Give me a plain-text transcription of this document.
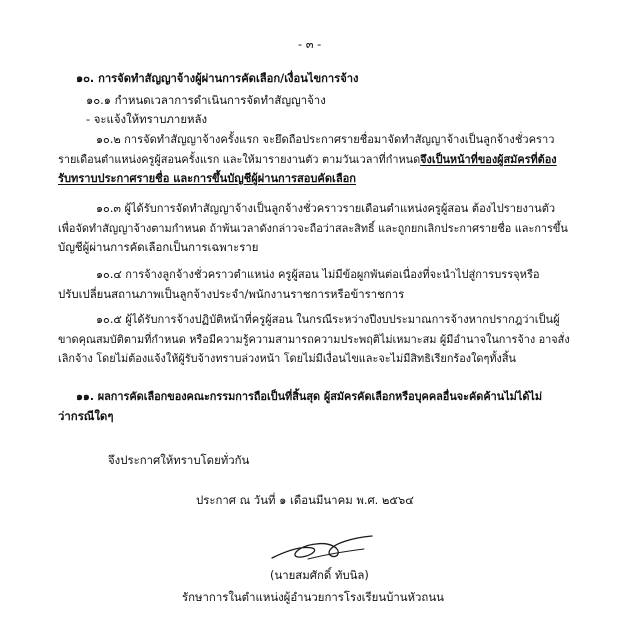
- ๓ -

๑๐. การจัดทำสัญญาจ้างผู้ผ่านการคัดเลือก/เงื่อนไขการจ้าง

๑๐.๑ กำหนดเวลาการดำเนินการจัดทำสัญญาจ้าง

- จะแจ้งให้ทราบภายหลัง

๑๐.๒ การจัดทำสัญญาจ้างครั้งแรก จะยึดถือประกาศรายชื่อมาจัดทำสัญญาจ้างเป็นลูกจ้างชั่วคราว

รายเดือนตำแหน่งครูผู้สอนครั้งแรก และให้มารายงานตัว ตามวันเวลาที่กำหนดจึงเป็นหน้าที่ของผู้สมัครที่ต้อง

รับทราบประกาศรายชื่อ และการขึ้นบัญชีผู้ผ่านการสอบคัดเลือก

๑๐.๓ ผู้ได้รับการจัดทำสัญญาจ้างเป็นลูกจ้างชั่วคราวรายเดือนตำแหน่งครูผู้สอน ต้องไปรายงานตัว

เพื่อจัดทำสัญญาจ้างตามกำหนด ถ้าพ้นเวลาดังกล่าวจะถือว่าสละสิทธิ์ และถูกยกเลิกประกาศรายชื่อ และการขึ้น

บัญชีผู้ผ่านการคัดเลือกเป็นการเฉพาะราย

๑๐.๔ การจ้างลูกจ้างชั่วคราวตำแหน่ง ครูผู้สอน ไม่มีข้อผูกพันต่อเนื่องที่จะนำไปสู่การบรรจุหรือ

ปรับเปลี่ยนสถานภาพเป็นลูกจ้างประจำ/พนักงานราชการหรือข้าราชการ

๑๐.๕ ผู้ได้รับการจ้างปฏิบัติหน้าที่ครูผู้สอน ในกรณีระหว่างปีงบประมาณการจ้างหากปรากฎว่าเป็นผู้

ขาดคุณสมบัติตามที่กำหนด หรือมีความรู้ความสามารถความประพฤติไม่เหมาะสม ผู้มีอำนาจในการจ้าง อาจสั่ง

เลิกจ้าง โดยไม่ต้องแจ้งให้ผู้รับจ้างทราบล่วงหน้า โดยไม่มีเงื่อนไขและจะไม่มีสิทธิเรียกร้องใดๆทั้งสิ้น

๑๑. ผลการคัดเลือกของคณะกรรมการถือเป็นที่สิ้นสุด ผู้สมัครคัดเลือกหรือบุคคลอื่นจะคัดค้านไม่ได้ไม่

ว่ากรณีใดๆ

จึงประกาศให้ทราบโดยทั่วกัน

ประกาศ ณ วันที่ ๑ เดือนมีนาคม พ.ศ. ๒๕๖๔

(นายสมศักดิ์ ทับนิล)

รักษาการในตำแหน่งผู้อำนวยการโรงเรียนบ้านหัวถนน
